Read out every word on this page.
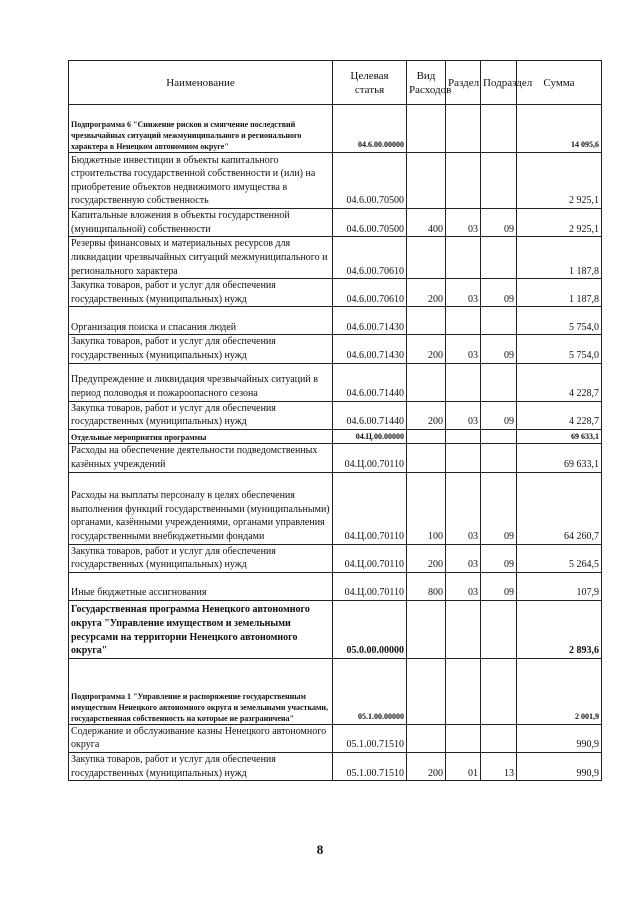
Наименование	Целевая статья	Вид Расходов	Раздел	Подраздел	Сумма
Подпрограмма 6 "Снижение рисков и смягчение последствий чрезвычайных ситуаций межмуниципального и регионального характера в Ненецком автономном округе"	04.6.00.00000				14 095,6
Бюджетные инвестиции в объекты капитального строительства государственной собственности и (или) на приобретение объектов недвижимого имущества в государственную собственность	04.6.00.70500				2 925,1
Капитальные вложения в объекты государственной (муниципальной) собственности	04.6.00.70500	400	03	09	2 925,1
Резервы финансовых и материальных ресурсов для ликвидации чрезвычайных ситуаций межмуниципального и регионального характера	04.6.00.70610				1 187,8
Закупка товаров, работ и услуг для обеспечения государственных (муниципальных) нужд	04.6.00.70610	200	03	09	1 187,8
Организация поиска и спасания людей	04.6.00.71430				5 754,0
Закупка товаров, работ и услуг для обеспечения государственных (муниципальных) нужд	04.6.00.71430	200	03	09	5 754,0
Предупреждение и ликвидация чрезвычайных ситуаций в период половодья и пожароопасного сезона	04.6.00.71440				4 228,7
Закупка товаров, работ и услуг для обеспечения государственных (муниципальных) нужд	04.6.00.71440	200	03	09	4 228,7
Отдельные мероприятия программы	04.Ц.00.00000				69 633,1
Расходы на обеспечение деятельности подведомственных казённых учреждений	04.Ц.00.70110				69 633,1
Расходы на выплаты персоналу в целях обеспечения выполнения функций государственными (муниципальными) органами, казёнными учреждениями, органами управления государственными внебюджетными фондами	04.Ц.00.70110	100	03	09	64 260,7
Закупка товаров, работ и услуг для обеспечения государственных (муниципальных) нужд	04.Ц.00.70110	200	03	09	5 264,5
Иные бюджетные ассигнования	04.Ц.00.70110	800	03	09	107,9
Государственная программа Ненецкого автономного округа "Управление имуществом и земельными ресурсами на территории Ненецкого автономного округа"	05.0.00.00000				2 893,6
Подпрограмма 1 "Управление и распоряжение государственным имуществом Ненецкого автономного округа и земельными участками, государственная собственность на которые не разграничена"	05.1.00.00000				2 001,9
Содержание и обслуживание казны Ненецкого автономного округа	05.1.00.71510				990,9
Закупка товаров, работ и услуг для обеспечения государственных (муниципальных) нужд	05.1.00.71510	200	01	13	990,9
8
